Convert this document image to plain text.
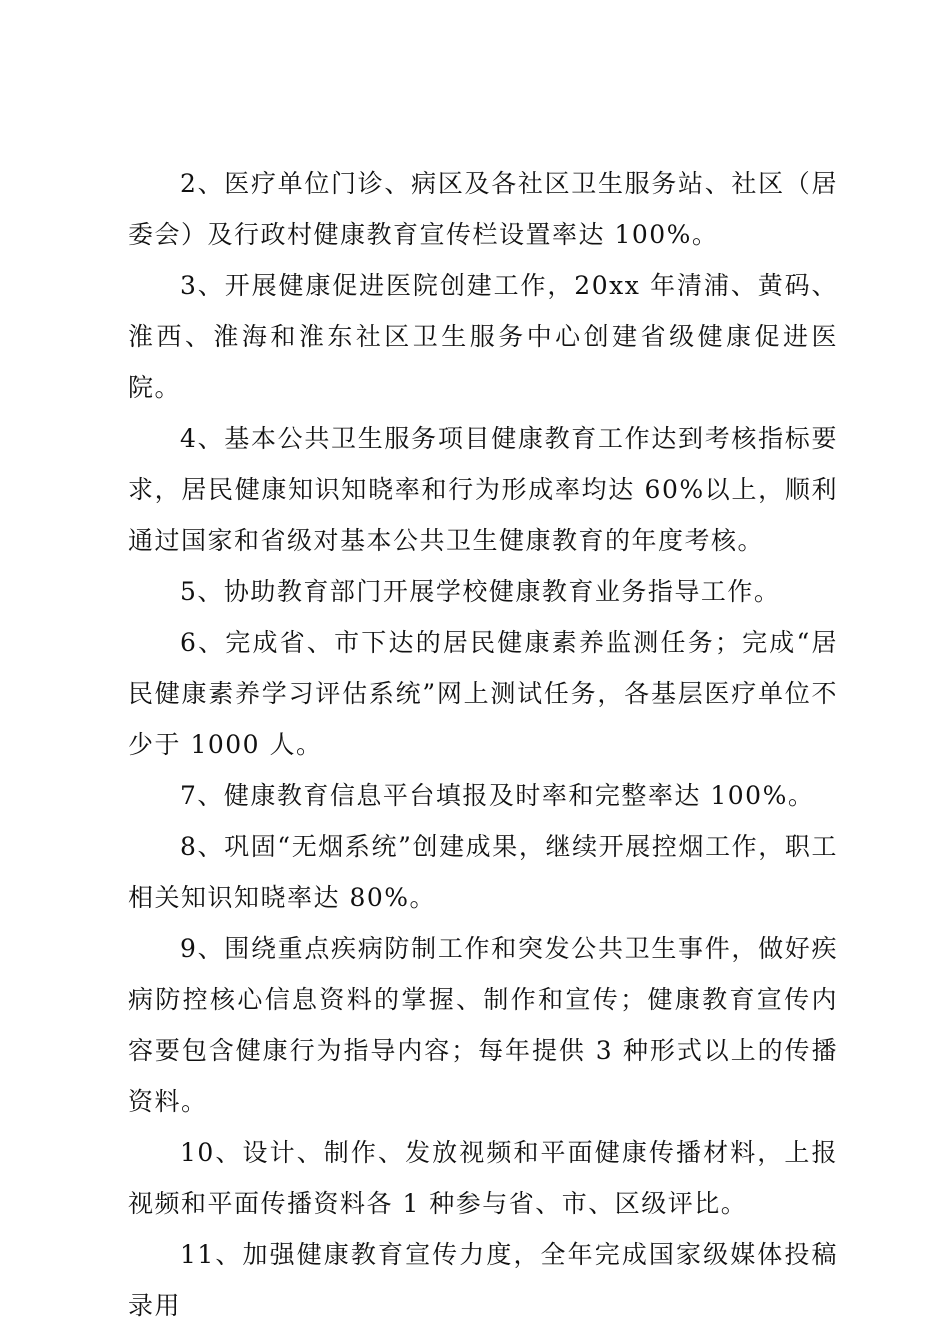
2、医疗单位门诊、病区及各社区卫生服务站、社区（居委会）及行政村健康教育宣传栏设置率达 100%。

3、开展健康促进医院创建工作，20xx 年清浦、黄码、淮西、淮海和淮东社区卫生服务中心创建省级健康促进医院。

4、基本公共卫生服务项目健康教育工作达到考核指标要求，居民健康知识知晓率和行为形成率均达 60%以上，顺利通过国家和省级对基本公共卫生健康教育的年度考核。

5、协助教育部门开展学校健康教育业务指导工作。

6、完成省、市下达的居民健康素养监测任务；完成“居民健康素养学习评估系统”网上测试任务，各基层医疗单位不少于 1000 人。

7、健康教育信息平台填报及时率和完整率达 100%。

8、巩固“无烟系统”创建成果，继续开展控烟工作，职工相关知识知晓率达 80%。

9、围绕重点疾病防制工作和突发公共卫生事件，做好疾病防控核心信息资料的掌握、制作和宣传；健康教育宣传内容要包含健康行为指导内容；每年提供 3 种形式以上的传播资料。

10、设计、制作、发放视频和平面健康传播材料，上报视频和平面传播资料各 1 种参与省、市、区级评比。

11、加强健康教育宣传力度，全年完成国家级媒体投稿录用
